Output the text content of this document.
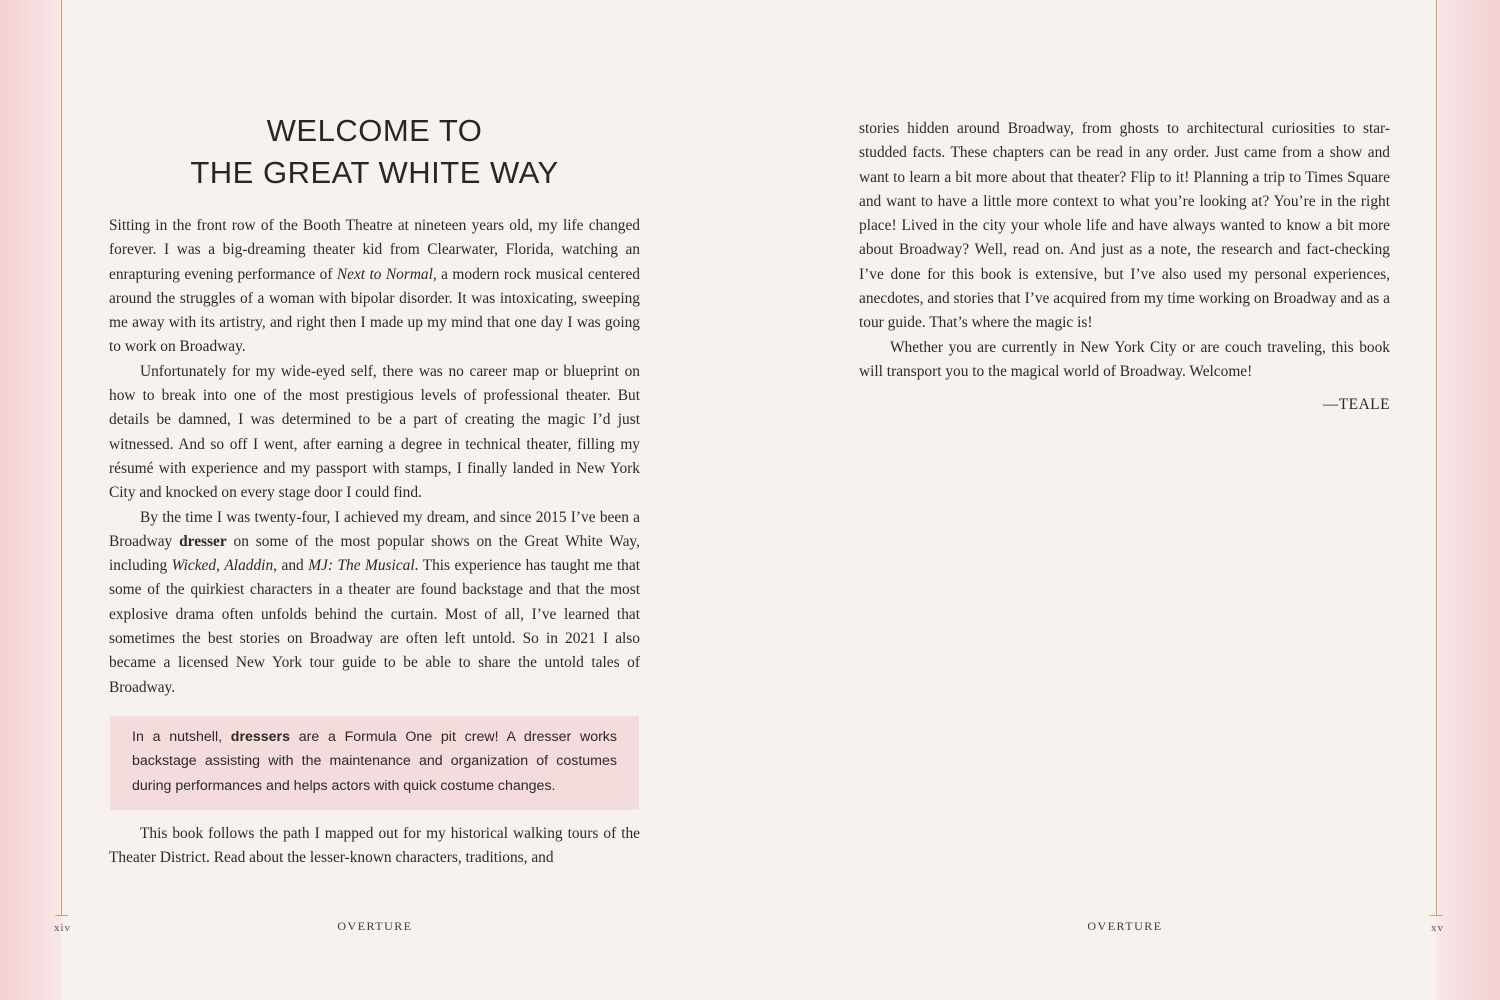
WELCOME TO
THE GREAT WHITE WAY

Sitting in the front row of the Booth Theatre at nineteen years old, my life changed forever. I was a big-dreaming theater kid from Clearwater, Florida, watching an enrapturing evening performance of Next to Normal, a modern rock musical centered around the struggles of a woman with bipolar disorder. It was intoxicating, sweeping me away with its artistry, and right then I made up my mind that one day I was going to work on Broadway.

Unfortunately for my wide-eyed self, there was no career map or blueprint on how to break into one of the most prestigious levels of professional theater. But details be damned, I was determined to be a part of creating the magic I’d just witnessed. And so off I went, after earning a degree in technical theater, filling my résumé with experience and my passport with stamps, I finally landed in New York City and knocked on every stage door I could find.

By the time I was twenty-four, I achieved my dream, and since 2015 I’ve been a Broadway dresser on some of the most popular shows on the Great White Way, including Wicked, Aladdin, and MJ: The Musical. This experience has taught me that some of the quirkiest characters in a theater are found backstage and that the most explosive drama often unfolds behind the curtain. Most of all, I’ve learned that sometimes the best stories on Broadway are often left untold. So in 2021 I also became a licensed New York tour guide to be able to share the untold tales of Broadway.

In a nutshell, dressers are a Formula One pit crew! A dresser works backstage assisting with the maintenance and organization of costumes during performances and helps actors with quick costume changes.

This book follows the path I mapped out for my historical walking tours of the Theater District. Read about the lesser-known characters, traditions, and

stories hidden around Broadway, from ghosts to architectural curiosities to star-studded facts. These chapters can be read in any order. Just came from a show and want to learn a bit more about that theater? Flip to it! Planning a trip to Times Square and want to have a little more context to what you’re looking at? You’re in the right place! Lived in the city your whole life and have always wanted to know a bit more about Broadway? Well, read on. And just as a note, the research and fact-checking I’ve done for this book is extensive, but I’ve also used my personal experiences, anecdotes, and stories that I’ve acquired from my time working on Broadway and as a tour guide. That’s where the magic is!

Whether you are currently in New York City or are couch traveling, this book will transport you to the magical world of Broadway. Welcome!

—TEALE
xiv	OVERTURE	OVERTURE	xv
